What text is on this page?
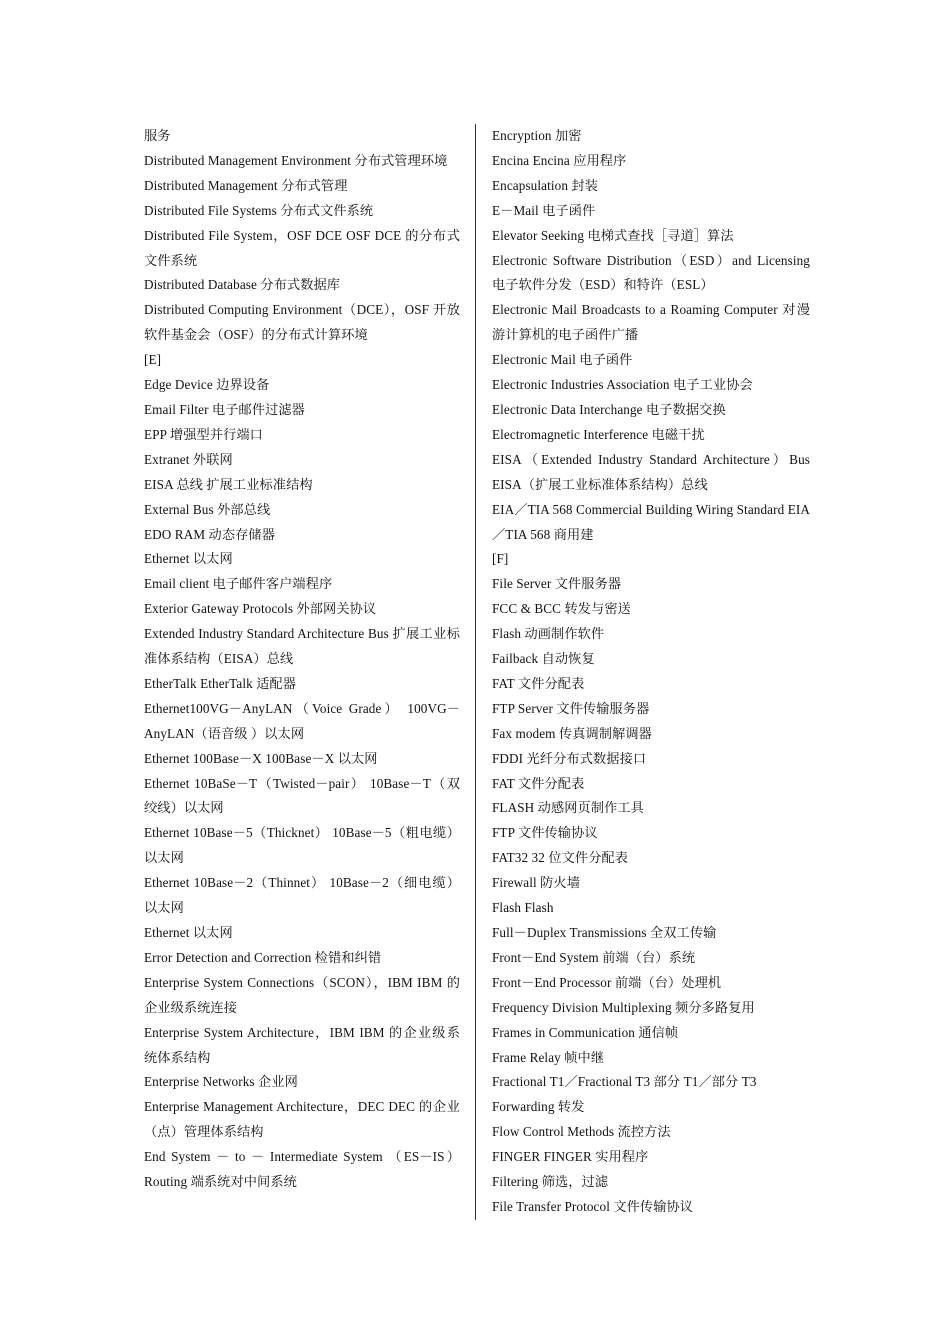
服务
Distributed Management Environment 分布式管理环境
Distributed Management 分布式管理
Distributed File Systems 分布式文件系统
Distributed File System，OSF DCE OSF DCE 的分布式文件系统
Distributed Database 分布式数据库
Distributed Computing Environment（DCE），OSF 开放软件基金会（OSF）的分布式计算环境
[E]
Edge Device 边界设备
Email Filter 电子邮件过滤器
EPP 增强型并行端口
Extranet 外联网
EISA 总线 扩展工业标准结构
External Bus 外部总线
EDO RAM 动态存储器
Ethernet 以太网
Email client 电子邮件客户端程序
Exterior Gateway Protocols 外部网关协议
Extended Industry Standard Architecture Bus 扩展工业标准体系结构（EISA）总线
EtherTalk EtherTalk 适配器
Ethernet100VG－AnyLAN（Voice Grade） 100VG－AnyLAN（语音级 ）以太网
Ethernet 100Base－X 100Base－X 以太网
Ethernet 10BaSe－T（Twisted－pair） 10Base－T（双绞线）以太网
Ethernet 10Base－5（Thicknet） 10Base－5（粗电缆）以太网
Ethernet 10Base－2（Thinnet） 10Base－2（细电缆）以太网
Ethernet 以太网
Error Detection and Correction 检错和纠错
Enterprise System Connections（SCON），IBM IBM 的企业级系统连接
Enterprise System Architecture，IBM IBM 的企业级系统体系结构
Enterprise Networks 企业网
Enterprise Management Architecture，DEC DEC 的企业（点）管理体系结构
End System － to － Intermediate System （ES－IS）Routing 端系统对中间系统
Encryption 加密
Encina Encina 应用程序
Encapsulation 封装
E－Mail 电子函件
Elevator Seeking 电梯式查找［寻道］算法
Electronic Software Distribution（ESD）and Licensing 电子软件分发（ESD）和特许（ESL）
Electronic Mail Broadcasts to a Roaming Computer 对漫游计算机的电子函件广播
Electronic Mail 电子函件
Electronic Industries Association 电子工业协会
Electronic Data Interchange 电子数据交换
Electromagnetic Interference 电磁干扰
EISA（Extended Industry Standard Architecture）Bus EISA（扩展工业标准体系结构）总线
EIA／TIA 568 Commercial Building Wiring Standard EIA／TIA 568 商用建
[F]
File Server 文件服务器
FCC & BCC 转发与密送
Flash 动画制作软件
Failback 自动恢复
FAT 文件分配表
FTP Server 文件传输服务器
Fax modem 传真调制解调器
FDDI 光纤分布式数据接口
FAT 文件分配表
FLASH 动感网页制作工具
FTP 文件传输协议
FAT32 32 位文件分配表
Firewall 防火墙
Flash Flash
Full－Duplex Transmissions 全双工传输
Front－End System 前端（台）系统
Front－End Processor 前端（台）处理机
Frequency Division Multiplexing 频分多路复用
Frames in Communication 通信帧
Frame Relay 帧中继
Fractional T1／Fractional T3 部分 T1／部分 T3
Forwarding 转发
Flow Control Methods 流控方法
FINGER FINGER 实用程序
Filtering 筛选，过滤
File Transfer Protocol 文件传输协议
